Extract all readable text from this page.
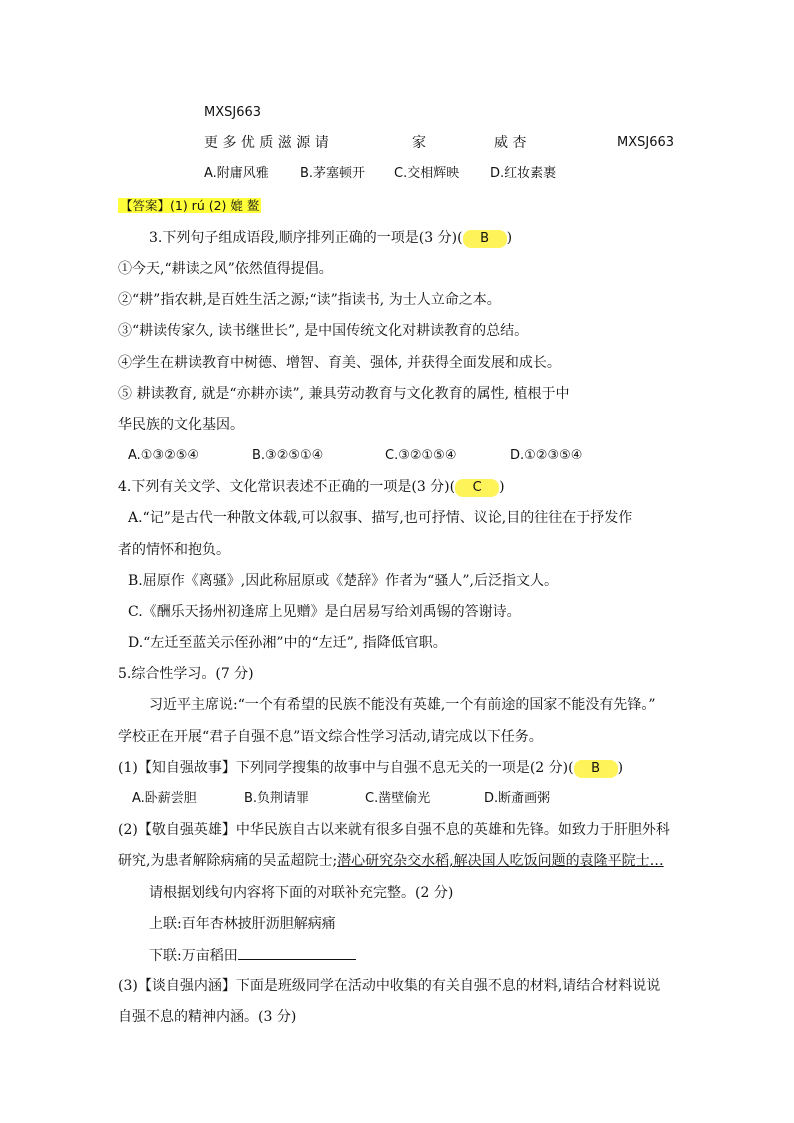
MXSJ663
更 多 优 质 滋 源 请	家	威 杏	MXSJ663
A.附庸风雅 B.茅塞顿开 C.交相辉映 D.红妆素裹
【答案】(1) rú (2) 媲 鳌
3.下列句子组成语段,顺序排列正确的一项是(3 分)( B )
①今天,“耕读之风”依然值得提倡。
②“耕”指农耕,是百姓生活之源;“读”指读书, 为士人立命之本。
③“耕读传家久, 读书继世长”, 是中国传统文化对耕读教育的总结。
④学生在耕读教育中树德、增智、育美、强体, 并获得全面发展和成长。
⑤ 耕读教育, 就是“亦耕亦读”, 兼具劳动教育与文化教育的属性, 植根于中
华民族的文化基因。
A.①③②⑤④	B.③②⑤①④	C.③②①⑤④	D.①②③⑤④
4.下列有关文学、文化常识表述不正确的一项是(3 分)( C )
A.“记”是古代一种散文体载,可以叙事、描写,也可抒情、议论,目的往往在于抒发作
者的情怀和抱负。
B.屈原作《离骚》,因此称屈原或《楚辞》作者为“骚人”,后泛指文人。
C.《酬乐天扬州初逢席上见赠》是白居易写给刘禹锡的答谢诗。
D.“左迁至蓝关示侄孙湘”中的“左迁”, 指降低官职。
5.综合性学习。(7 分)
习近平主席说:“一个有希望的民族不能没有英雄,一个有前途的国家不能没有先锋。”
学校正在开展“君子自强不息”语文综合性学习活动,请完成以下任务。
(1)【知自强故事】下列同学搜集的故事中与自强不息无关的一项是(2 分)( B )
A.卧薪尝胆	B.负荆请罪	C.凿壁偷光	D.断齑画粥
(2)【敬自强英雄】中华民族自古以来就有很多自强不息的英雄和先锋。如致力于肝胆外科
研究,为患者解除病痛的吴孟超院士;潜心研究杂交水稻,解决国人吃饭问题的袁隆平院士…
请根据划线句内容将下面的对联补充完整。(2 分)
上联:百年杏林披肝沥胆解病痛
下联:万亩稻田
(3)【谈自强内涵】下面是班级同学在活动中收集的有关自强不息的材料,请结合材料说说
自强不息的精神内涵。(3 分)
